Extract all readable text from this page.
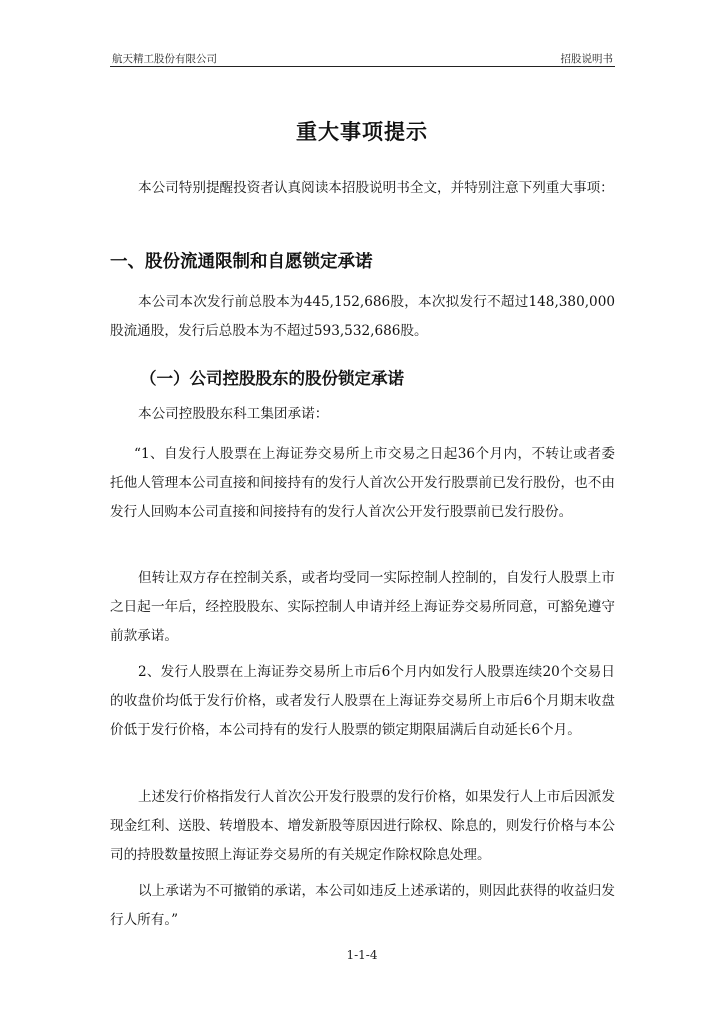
航天精工股份有限公司	招股说明书
重大事项提示

本公司特别提醒投资者认真阅读本招股说明书全文，并特别注意下列重大事项：

一、股份流通限制和自愿锁定承诺

本公司本次发行前总股本为445,152,686股，本次拟发行不超过148,380,000股流通股，发行后总股本为不超过593,532,686股。

（一）公司控股股东的股份锁定承诺

本公司控股股东科工集团承诺：

“1、自发行人股票在上海证券交易所上市交易之日起36个月内，不转让或者委托他人管理本公司直接和间接持有的发行人首次公开发行股票前已发行股份，也不由发行人回购本公司直接和间接持有的发行人首次公开发行股票前已发行股份。

但转让双方存在控制关系，或者均受同一实际控制人控制的，自发行人股票上市之日起一年后，经控股股东、实际控制人申请并经上海证券交易所同意，可豁免遵守前款承诺。

2、发行人股票在上海证券交易所上市后6个月内如发行人股票连续20个交易日的收盘价均低于发行价格，或者发行人股票在上海证券交易所上市后6个月期末收盘价低于发行价格，本公司持有的发行人股票的锁定期限届满后自动延长6个月。

上述发行价格指发行人首次公开发行股票的发行价格，如果发行人上市后因派发现金红利、送股、转增股本、增发新股等原因进行除权、除息的，则发行价格与本公司的持股数量按照上海证券交易所的有关规定作除权除息处理。

以上承诺为不可撤销的承诺，本公司如违反上述承诺的，则因此获得的收益归发行人所有。”

1-1-4
